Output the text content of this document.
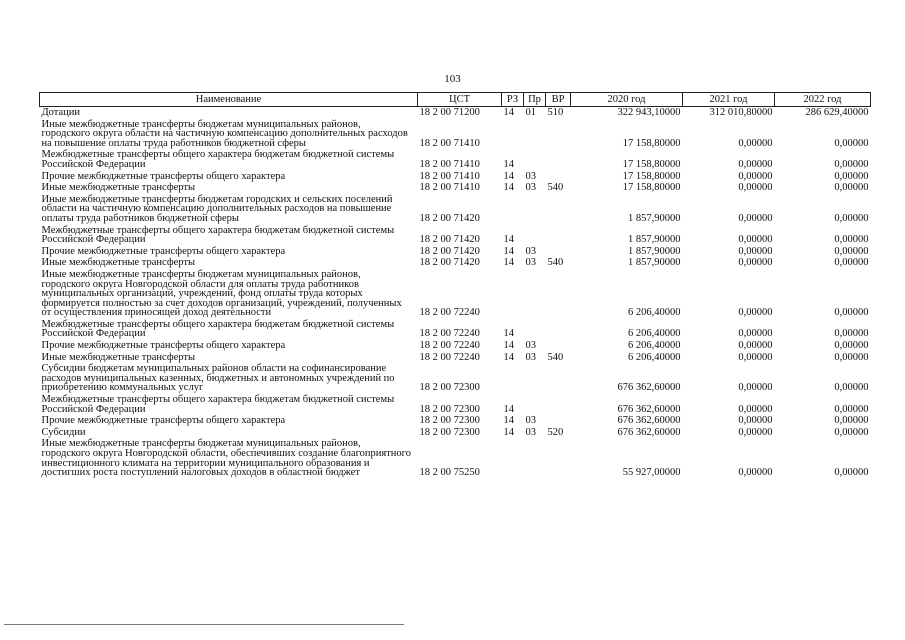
103
Наименование	ЦСТ	РЗ	Пр	ВР	2020 год	2021 год	2022 год
Дотации	18 2 00 71200	14	01	510	322 943,10000	312 010,80000	286 629,40000
Иные межбюджетные трансферты бюджетам муниципальных районов, городского округа области на частичную компенсацию дополнительных расходов на повышение оплаты труда работников бюджетной сферы	18 2 00 71410				17 158,80000	0,00000	0,00000
Межбюджетные трансферты общего характера бюджетам бюджетной системы Российской Федерации	18 2 00 71410	14			17 158,80000	0,00000	0,00000
Прочие межбюджетные трансферты общего характера	18 2 00 71410	14	03		17 158,80000	0,00000	0,00000
Иные межбюджетные трансферты	18 2 00 71410	14	03	540	17 158,80000	0,00000	0,00000
Иные межбюджетные трансферты бюджетам городских и сельских поселений области на частичную компенсацию дополнительных расходов на повышение оплаты труда работников бюджетной сферы	18 2 00 71420				1 857,90000	0,00000	0,00000
Межбюджетные трансферты общего характера бюджетам бюджетной системы Российской Федерации	18 2 00 71420	14			1 857,90000	0,00000	0,00000
Прочие межбюджетные трансферты общего характера	18 2 00 71420	14	03		1 857,90000	0,00000	0,00000
Иные межбюджетные трансферты	18 2 00 71420	14	03	540	1 857,90000	0,00000	0,00000
Иные межбюджетные трансферты бюджетам муниципальных районов, городского округа Новгородской области для оплаты труда работников муниципальных организаций, учреждений, фонд оплаты труда которых формируется полностью за счет доходов организаций, учреждений, полученных от осуществления приносящей доход деятельности	18 2 00 72240				6 206,40000	0,00000	0,00000
Межбюджетные трансферты общего характера бюджетам бюджетной системы Российской Федерации	18 2 00 72240	14			6 206,40000	0,00000	0,00000
Прочие межбюджетные трансферты общего характера	18 2 00 72240	14	03		6 206,40000	0,00000	0,00000
Иные межбюджетные трансферты	18 2 00 72240	14	03	540	6 206,40000	0,00000	0,00000
Субсидии бюджетам муниципальных районов области на софинансирование расходов муниципальных казенных, бюджетных и автономных учреждений по приобретению коммунальных услуг	18 2 00 72300				676 362,60000	0,00000	0,00000
Межбюджетные трансферты общего характера бюджетам бюджетной системы Российской Федерации	18 2 00 72300	14			676 362,60000	0,00000	0,00000
Прочие межбюджетные трансферты общего характера	18 2 00 72300	14	03		676 362,60000	0,00000	0,00000
Субсидии	18 2 00 72300	14	03	520	676 362,60000	0,00000	0,00000
Иные межбюджетные трансферты бюджетам муниципальных районов, городского округа Новгородской области, обеспечивших создание благоприятного инвестиционного климата на территории муниципального образования и достигших роста поступлений налоговых доходов в областной бюджет	18 2 00 75250				55 927,00000	0,00000	0,00000
